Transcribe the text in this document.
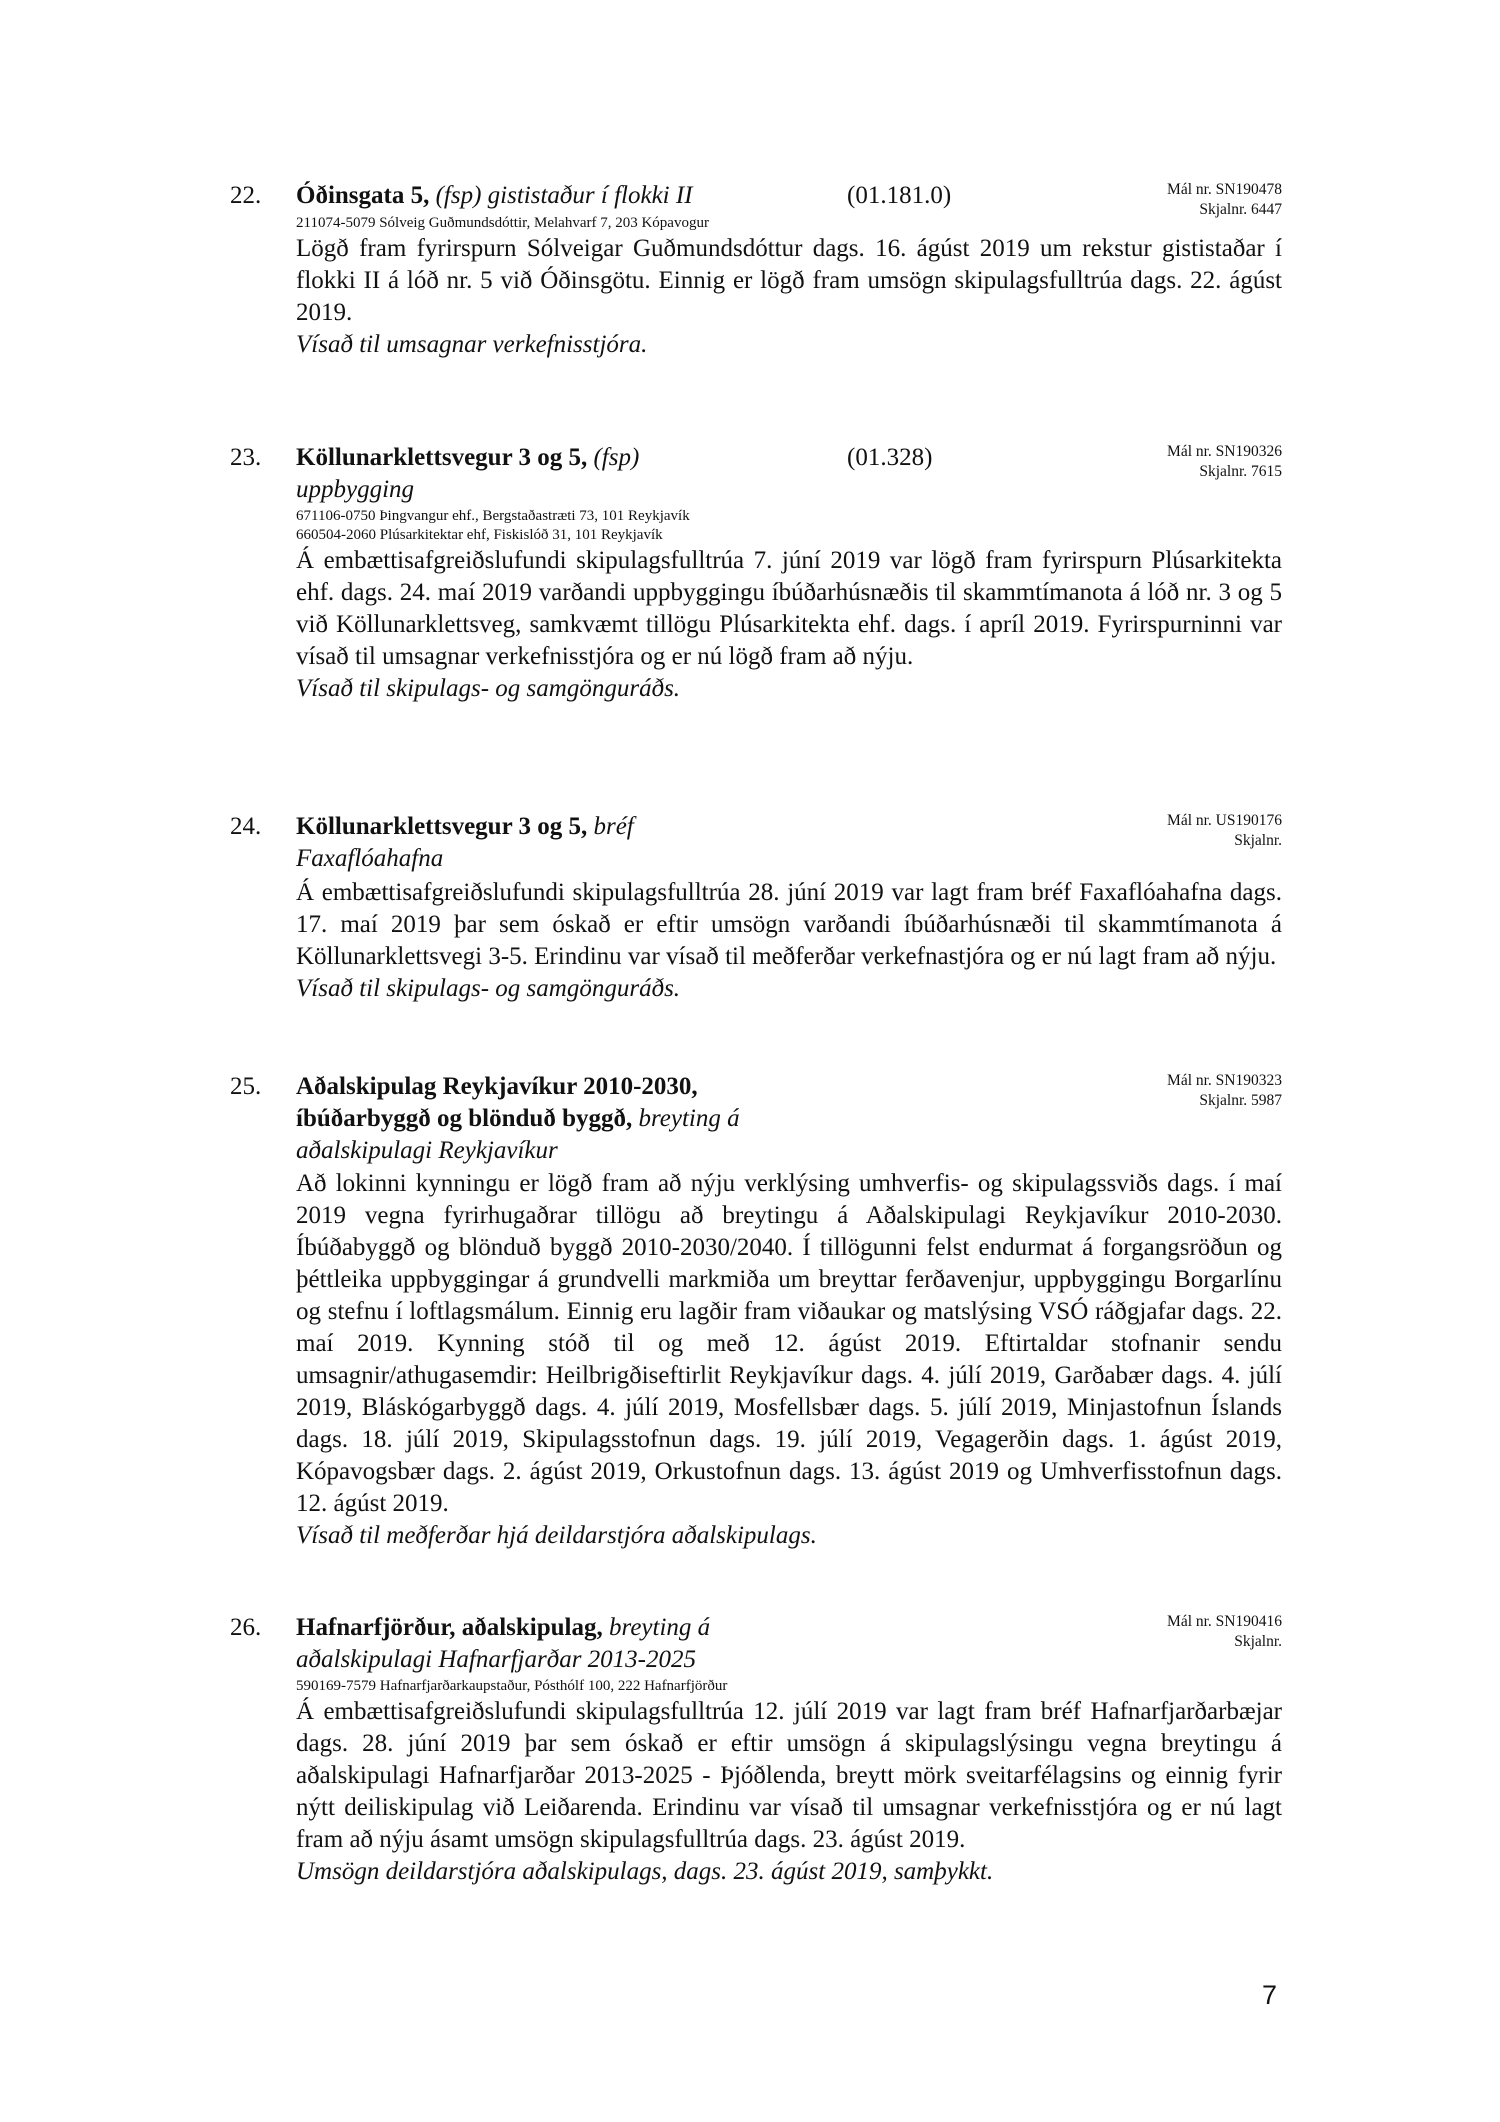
22. Óðinsgata 5, (fsp) gististaður í flokki II	(01.181.0)	Mál nr. SN190478
Skjalnr. 6447
211074-5079 Sólveig Guðmundsdóttir, Melahvarf 7, 203 Kópavogur
Lögð fram fyrirspurn Sólveigar Guðmundsdóttur dags. 16. ágúst 2019 um rekstur gististaðar í flokki II á lóð nr. 5 við Óðinsgötu. Einnig er lögð fram umsögn skipulagsfulltrúa dags. 22. ágúst 2019.
Vísað til umsagnar verkefnisstjóra.
23. Köllunarklettsvegur 3 og 5, (fsp)
uppbygging
(01.328)	Mál nr. SN190326
Skjalnr. 7615
671106-0750 Þingvangur ehf., Bergstaðastræti 73, 101 Reykjavík
660504-2060 Plúsarkitektar ehf, Fiskislóð 31, 101 Reykjavík
Á embættisafgreiðslufundi skipulagsfulltrúa 7. júní 2019 var lögð fram fyrirspurn Plúsarkitekta ehf. dags. 24. maí 2019 varðandi uppbyggingu íbúðarhúsnæðis til skammtímanota á lóð nr. 3 og 5 við Köllunarklettsveg, samkvæmt tillögu Plúsarkitekta ehf. dags. í apríl 2019. Fyrirspurninni var vísað til umsagnar verkefnisstjóra og er nú lögð fram að nýju.
Vísað til skipulags- og samgönguráðs.
24. Köllunarklettsvegur 3 og 5, bréf
Faxaflóahafna
Mál nr. US190176
Skjalnr.
Á embættisafgreiðslufundi skipulagsfulltrúa 28. júní 2019 var lagt fram bréf Faxaflóahafna dags. 17. maí 2019 þar sem óskað er eftir umsögn varðandi íbúðarhúsnæði til skammtímanota á Köllunarklettsvegi 3-5. Erindinu var vísað til meðferðar verkefnastjóra og er nú lagt fram að nýju.
Vísað til skipulags- og samgönguráðs.
25. Aðalskipulag Reykjavíkur 2010-2030,
íbúðarbyggð og blönduð byggð, breyting á
aðalskipulagi Reykjavíkur
Mál nr. SN190323
Skjalnr. 5987
Að lokinni kynningu er lögð fram að nýju verklýsing umhverfis- og skipulagssviðs dags. í maí 2019 vegna fyrirhugaðrar tillögu að breytingu á Aðalskipulagi Reykjavíkur 2010-2030. Íbúðabyggð og blönduð byggð 2010-2030/2040. Í tillögunni felst endurmat á forgangsröðun og þéttleika uppbyggingar á grundvelli markmiða um breyttar ferðavenjur, uppbyggingu Borgarlínu og stefnu í loftlagsmálum. Einnig eru lagðir fram viðaukar og matslýsing VSÓ ráðgjafar dags. 22. maí 2019. Kynning stóð til og með 12. ágúst 2019. Eftirtaldar stofnanir sendu umsagnir/athugasemdir: Heilbrigðiseftirlit Reykjavíkur dags. 4. júlí 2019, Garðabær dags. 4. júlí 2019, Bláskógarbyggð dags. 4. júlí 2019, Mosfellsbær dags. 5. júlí 2019, Minjastofnun Íslands dags. 18. júlí 2019, Skipulagsstofnun dags. 19. júlí 2019, Vegagerðin dags. 1. ágúst 2019, Kópavogsbær dags. 2. ágúst 2019, Orkustofnun dags. 13. ágúst 2019 og Umhverfisstofnun dags. 12. ágúst 2019.
Vísað til meðferðar hjá deildarstjóra aðalskipulags.
26. Hafnarfjörður, aðalskipulag, breyting á
aðalskipulagi Hafnarfjarðar 2013-2025
Mál nr. SN190416
Skjalnr.
590169-7579 Hafnarfjarðarkaupstaður, Pósthólf 100, 222 Hafnarfjörður
Á embættisafgreiðslufundi skipulagsfulltrúa 12. júlí 2019 var lagt fram bréf Hafnarfjarðarbæjar dags. 28. júní 2019 þar sem óskað er eftir umsögn á skipulagslýsingu vegna breytingu á aðalskipulagi Hafnarfjarðar 2013-2025 - Þjóðlenda, breytt mörk sveitarfélagsins og einnig fyrir nýtt deiliskipulag við Leiðarenda. Erindinu var vísað til umsagnar verkefnisstjóra og er nú lagt fram að nýju ásamt umsögn skipulagsfulltrúa dags. 23. ágúst 2019.
Umsögn deildarstjóra aðalskipulags, dags. 23. ágúst 2019, samþykkt.
7
